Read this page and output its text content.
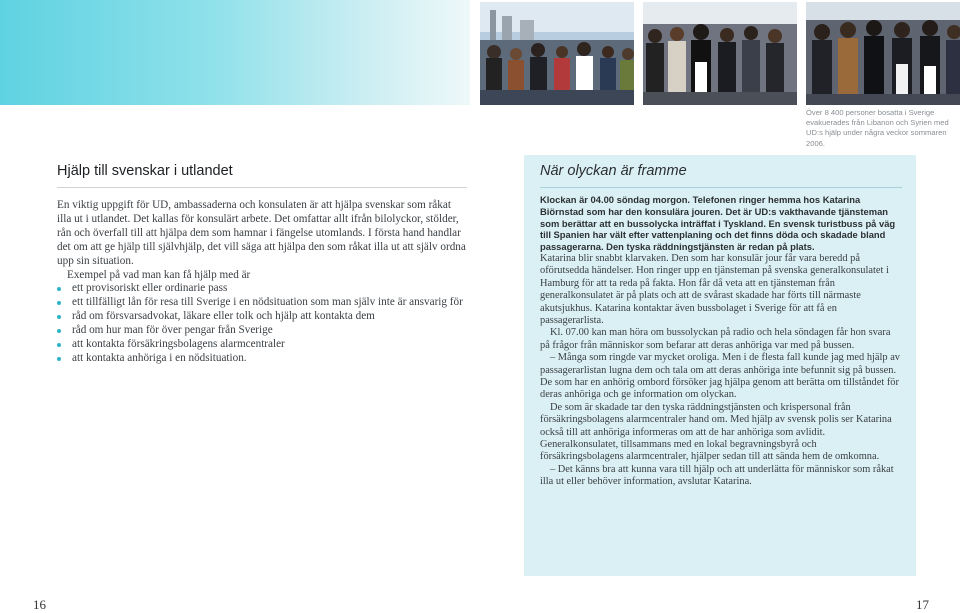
Över 8 400 personer bosatta i Sverige evakuerades från Libanon och Syrien med UD:s hjälp under några veckor sommaren 2006.
Hjälp till svenskar i utlandet

En viktig uppgift för UD, ambassaderna och konsulaten är att hjälpa svenskar som råkat illa ut i utlandet. Det kallas för konsulärt arbete. Det omfattar allt ifrån bilolyckor, stölder, rån och överfall till att hjälpa dem som hamnar i fängelse utomlands. I första hand handlar det om att ge hjälp till självhjälp, det vill säga att hjälpa den som råkat illa ut att själv ordna upp sin situation.

Exempel på vad man kan få hjälp med är

ett provisoriskt eller ordinarie pass
ett tillfälligt lån för resa till Sverige i en nödsituation som man själv inte är ansvarig för
råd om försvarsadvokat, läkare eller tolk och hjälp att kontakta dem
råd om hur man för över pengar från Sverige
att kontakta försäkringsbolagens alarmcentraler
att kontakta anhöriga i en nödsituation.
När olyckan är framme

Klockan är 04.00 söndag morgon. Telefonen ringer hemma hos Katarina Biörnstad som har den konsulära jouren. Det är UD:s vakthavande tjänsteman som berättar att en bussolycka inträffat i Tyskland. En svensk turistbuss på väg till Spanien har vält efter vattenplaning och det finns döda och skadade bland passagerarna. Den tyska räddningstjänsten är redan på plats.

Katarina blir snabbt klarvaken. Den som har konsulär jour får vara beredd på oförutsedda händelser. Hon ringer upp en tjänsteman på svenska generalkonsulatet i Hamburg för att ta reda på fakta. Hon får då veta att en tjänsteman från generalkonsulatet är på plats och att de svårast skadade har förts till närmaste akutsjukhus. Katarina kontaktar även bussbolaget i Sverige för att få en passagerarlista.

Kl. 07.00 kan man höra om bussolyckan på radio och hela söndagen får hon svara på frågor från människor som befarar att deras anhöriga var med på bussen.

– Många som ringde var mycket oroliga. Men i de flesta fall kunde jag med hjälp av passagerarlistan lugna dem och tala om att deras anhöriga inte befunnit sig på bussen. De som har en anhörig ombord försöker jag hjälpa genom att berätta om tillståndet för deras anhöriga och ge information om olyckan.

De som är skadade tar den tyska räddningstjänsten och krispersonal från försäkringsbolagens alarmcentraler hand om. Med hjälp av svensk polis ser Katarina också till att anhöriga informeras om att de har anhöriga som avlidit. Generalkonsulatet, tillsammans med en lokal begravningsbyrå och försäkringsbolagens alarmcentraler, hjälper sedan till att sända hem de omkomna.

– Det känns bra att kunna vara till hjälp och att underlätta för människor som råkat illa ut eller behöver information, avslutar Katarina.

16	17
